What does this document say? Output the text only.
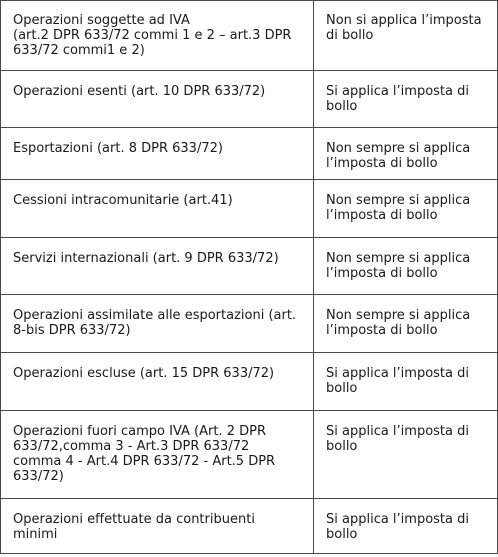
Operazioni soggette ad IVA
(art.2 DPR 633/72 commi 1 e 2 – art.3 DPR 633/72 commi1 e 2)	Non si applica l’imposta di bollo
Operazioni esenti (art. 10 DPR 633/72)	Si applica l’imposta di bollo
Esportazioni (art. 8 DPR 633/72)	Non sempre si applica l’imposta di bollo
Cessioni intracomunitarie (art.41)	Non sempre si applica l’imposta di bollo
Servizi internazionali (art. 9 DPR 633/72)	Non sempre si applica l’imposta di bollo
Operazioni assimilate alle esportazioni (art. 8-bis DPR 633/72)	Non sempre si applica l’imposta di bollo
Operazioni escluse (art. 15 DPR 633/72)	Si applica l’imposta di bollo
Operazioni fuori campo IVA (Art. 2 DPR 633/72,comma 3 - Art.3 DPR 633/72 comma 4 - Art.4 DPR 633/72 - Art.5 DPR 633/72)	Si applica l’imposta di bollo
Operazioni effettuate da contribuenti minimi	Si applica l’imposta di bollo
